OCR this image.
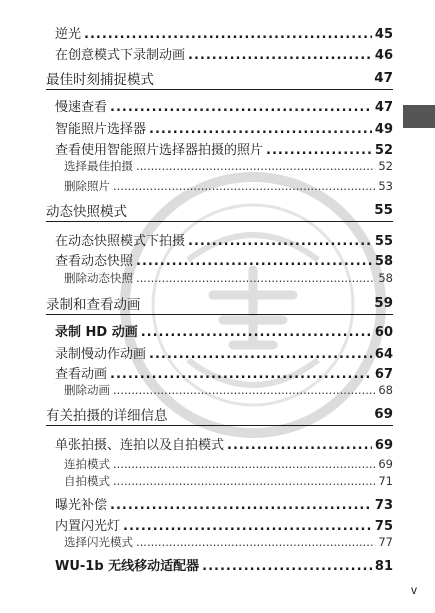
逆光 .....	45
在创意模式下录制动画 .....	46
最佳时刻捕捉模式	47
慢速查看 .....	47
智能照片选择器 .....	49
查看使用智能照片选择器拍摄的照片 .....	52
选择最佳拍摄 .....	52
删除照片 .....	53
动态快照模式	55
在动态快照模式下拍摄 .....	55
查看动态快照 .....	58
删除动态快照 .....	58
录制和查看动画	59
录制 HD 动画 .....	60
录制慢动作动画 .....	64
查看动画 .....	67
删除动画 .....	68
有关拍摄的详细信息	69
单张拍摄、连拍以及自拍模式 .....	69
连拍模式 .....	69
自拍模式 .....	71
曝光补偿 .....	73
内置闪光灯 .....	75
选择闪光模式 .....	77
WU-1b 无线移动适配器 .....	81
v
